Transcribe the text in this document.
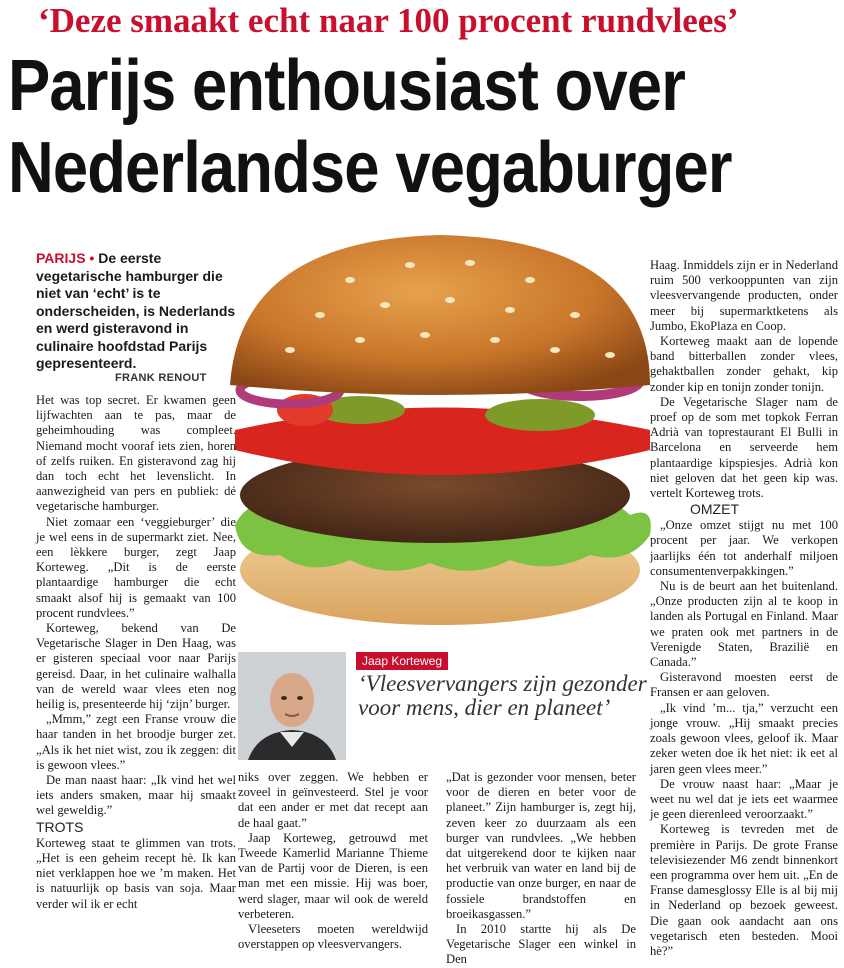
‘Deze smaakt echt naar 100 procent rundvlees’
Parijs enthousiast over
Nederlandse vegaburger
PARIJS • De eerste vegetarische hamburger die niet van ‘echt’ is te onderscheiden, is Nederlands en werd gisteravond in culinaire hoofdstad Parijs gepresenteerd.
FRANK RENOUT

Het was top secret. Er kwamen geen lijfwachten aan te pas, maar de geheimhouding was compleet. Niemand mocht vooraf iets zien, horen of zelfs ruiken. En gisteravond zag hij dan toch echt het levenslicht. In aanwezigheid van pers en publiek: dé vegetarische hamburger.

Niet zomaar een ‘veggieburger’ die je wel eens in de supermarkt ziet. Nee, een lèkkere burger, zegt Jaap Korteweg. „Dit is de eerste plantaardige hamburger die echt smaakt alsof hij is gemaakt van 100 procent rundvlees.”

Korteweg, bekend van De Vegetarische Slager in Den Haag, was er gisteren speciaal voor naar Parijs gereisd. Daar, in het culinaire walhalla van de wereld waar vlees eten nog heilig is, presenteerde hij ‘zijn’ burger.

„Mmm,” zegt een Franse vrouw die haar tanden in het broodje burger zet. „Als ik het niet wist, zou ik zeggen: dit is gewoon vlees.”

De man naast haar: „Ik vind het wel iets anders smaken, maar hij smaakt wel geweldig.”

TROTS

Korteweg staat te glimmen van trots. „Het is een geheim recept hè. Ik kan niet verklappen hoe we ’m maken. Het is natuurlijk op basis van soja. Maar verder wil ik er echt

niks over zeggen. We hebben er zoveel in geïnvesteerd. Stel je voor dat een ander er met dat recept aan de haal gaat.”

Jaap Korteweg, getrouwd met Tweede Kamerlid Marianne Thieme van de Partij voor de Dieren, is een man met een missie. Hij was boer, werd slager, maar wil ook de wereld verbeteren.

Vleeseters moeten wereldwijd overstappen op vleesvervangers.

„Dat is gezonder voor mensen, beter voor de dieren en beter voor de planeet.” Zijn hamburger is, zegt hij, zeven keer zo duurzaam als een burger van rundvlees. „We hebben dat uitgerekend door te kijken naar het verbruik van water en land bij de productie van onze burger, en naar de fossiele brandstoffen en broeikasgassen.”

In 2010 startte hij als De Vegetarische Slager een winkel in Den

Haag. Inmiddels zijn er in Nederland ruim 500 verkooppunten van zijn vleesvervangende producten, onder meer bij supermarktketens als Jumbo, EkoPlaza en Coop.

Korteweg maakt aan de lopende band bitterballen zonder vlees, gehaktballen zonder gehakt, kip zonder kip en tonijn zonder tonijn.

De Vegetarische Slager nam de proef op de som met topkok Ferran Adrià van toprestaurant El Bulli in Barcelona en serveerde hem plantaardige kipspiesjes. Adrià kon niet geloven dat het geen kip was. vertelt Korteweg trots.

OMZET

„Onze omzet stijgt nu met 100 procent per jaar. We verkopen jaarlijks één tot anderhalf miljoen consumentenverpakkingen.”

Nu is de beurt aan het buitenland. „Onze producten zijn al te koop in landen als Portugal en Finland. Maar we praten ook met partners in de Verenigde Staten, Brazilië en Canada.”

Gisteravond moesten eerst de Fransen er aan geloven.

„Ik vind ’m... tja,” verzucht een jonge vrouw. „Hij smaakt precies zoals gewoon vlees, geloof ik. Maar zeker weten doe ik het niet: ik eet al jaren geen vlees meer.”

De vrouw naast haar: „Maar je weet nu wel dat je iets eet waarmee je geen dierenleed veroorzaakt.”

Korteweg is tevreden met de première in Parijs. De grote Franse televisiezender M6 zendt binnenkort een programma over hem uit. „En de Franse damesglossy Elle is al bij mij in Nederland op bezoek geweest. Die gaan ook aandacht aan ons vegetarisch eten besteden. Mooi hè?”

Jaap Korteweg
‘Vleesvervangers zijn gezonder voor mens, dier en planeet’
